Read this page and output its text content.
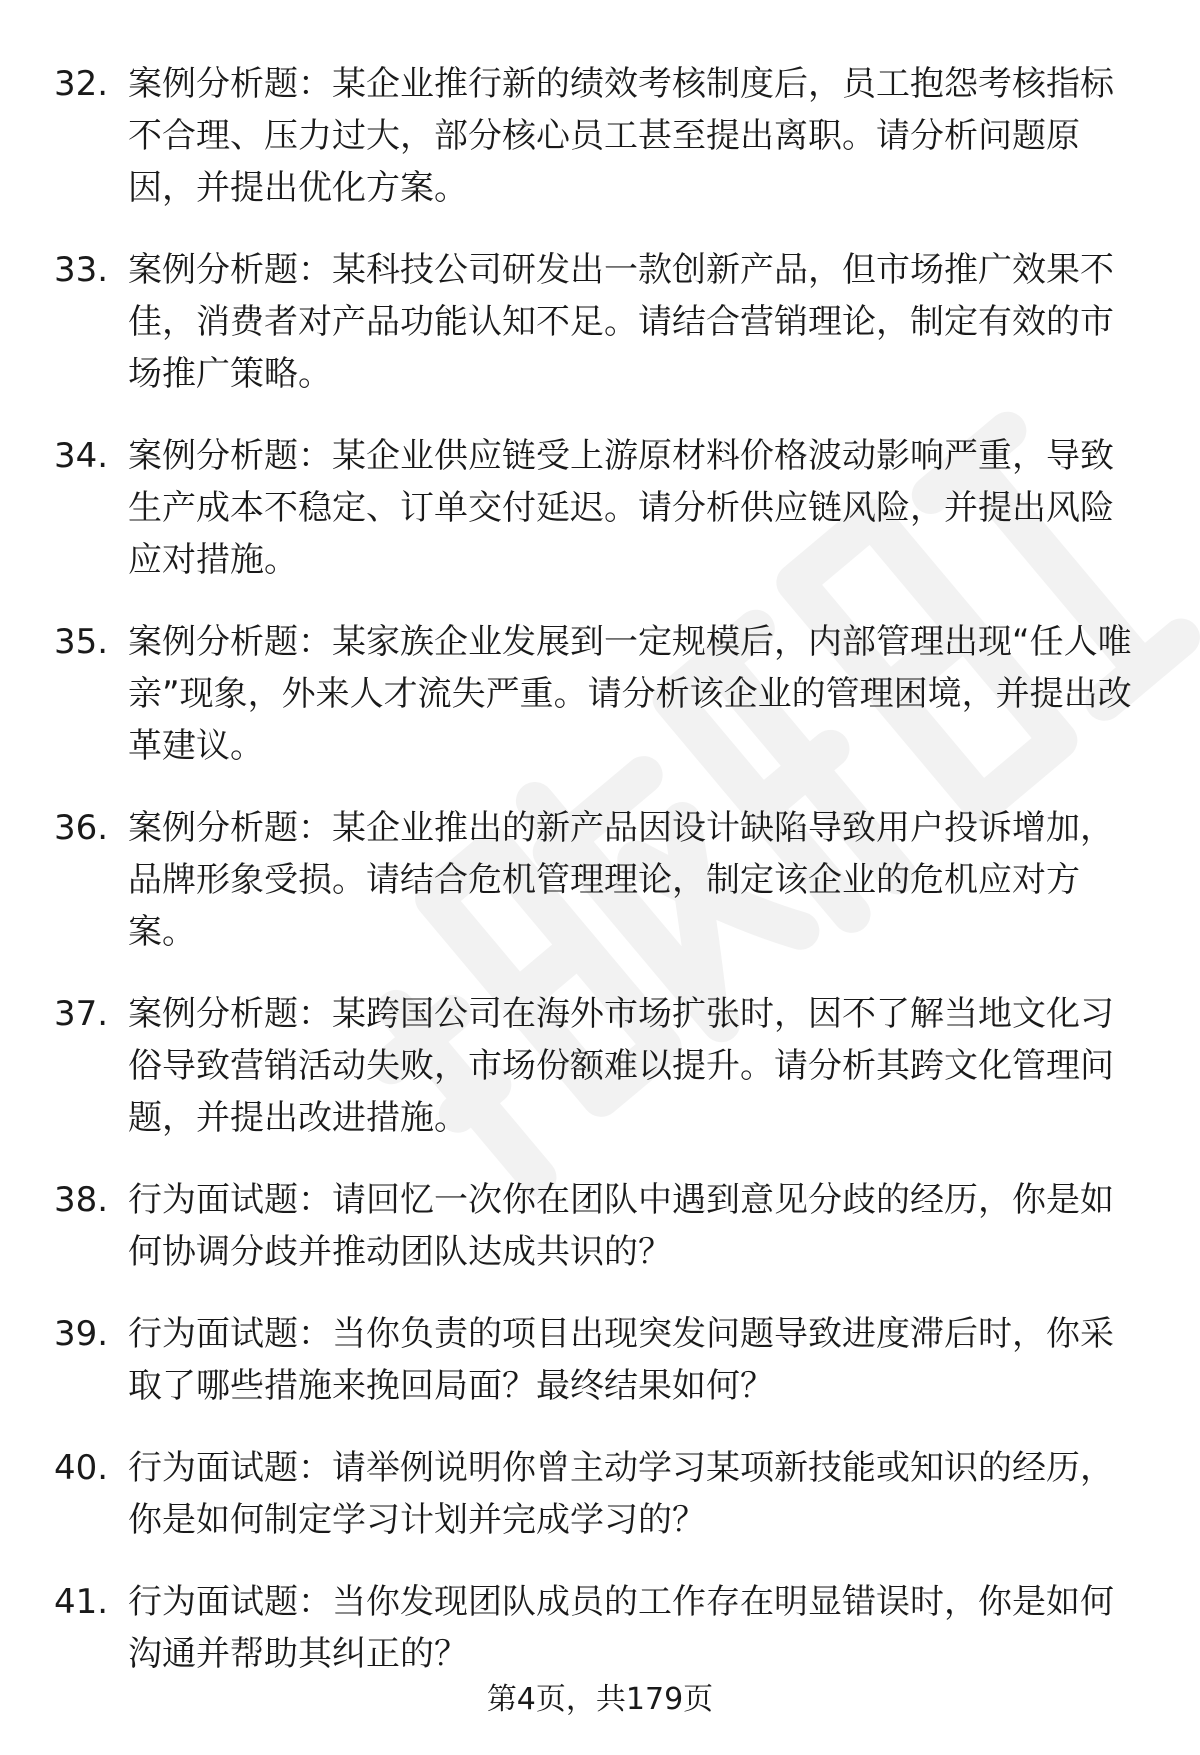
32. 案例分析题：某企业推行新的绩效考核制度后，员工抱怨考核指标不合理、压力过大，部分核心员工甚至提出离职。请分析问题原因，并提出优化方案。
33. 案例分析题：某科技公司研发出一款创新产品，但市场推广效果不佳，消费者对产品功能认知不足。请结合营销理论，制定有效的市场推广策略。
34. 案例分析题：某企业供应链受上游原材料价格波动影响严重，导致生产成本不稳定、订单交付延迟。请分析供应链风险，并提出风险应对措施。
35. 案例分析题：某家族企业发展到一定规模后，内部管理出现“任人唯亲”现象，外来人才流失严重。请分析该企业的管理困境，并提出改革建议。
36. 案例分析题：某企业推出的新产品因设计缺陷导致用户投诉增加，品牌形象受损。请结合危机管理理论，制定该企业的危机应对方案。
37. 案例分析题：某跨国公司在海外市场扩张时，因不了解当地文化习俗导致营销活动失败，市场份额难以提升。请分析其跨文化管理问题，并提出改进措施。
38. 行为面试题：请回忆一次你在团队中遇到意见分歧的经历，你是如何协调分歧并推动团队达成共识的？
39. 行为面试题：当你负责的项目出现突发问题导致进度滞后时，你采取了哪些措施来挽回局面？最终结果如何？
40. 行为面试题：请举例说明你曾主动学习某项新技能或知识的经历，你是如何制定学习计划并完成学习的？
41. 行为面试题：当你发现团队成员的工作存在明显错误时，你是如何沟通并帮助其纠正的？
第4页，共179页
